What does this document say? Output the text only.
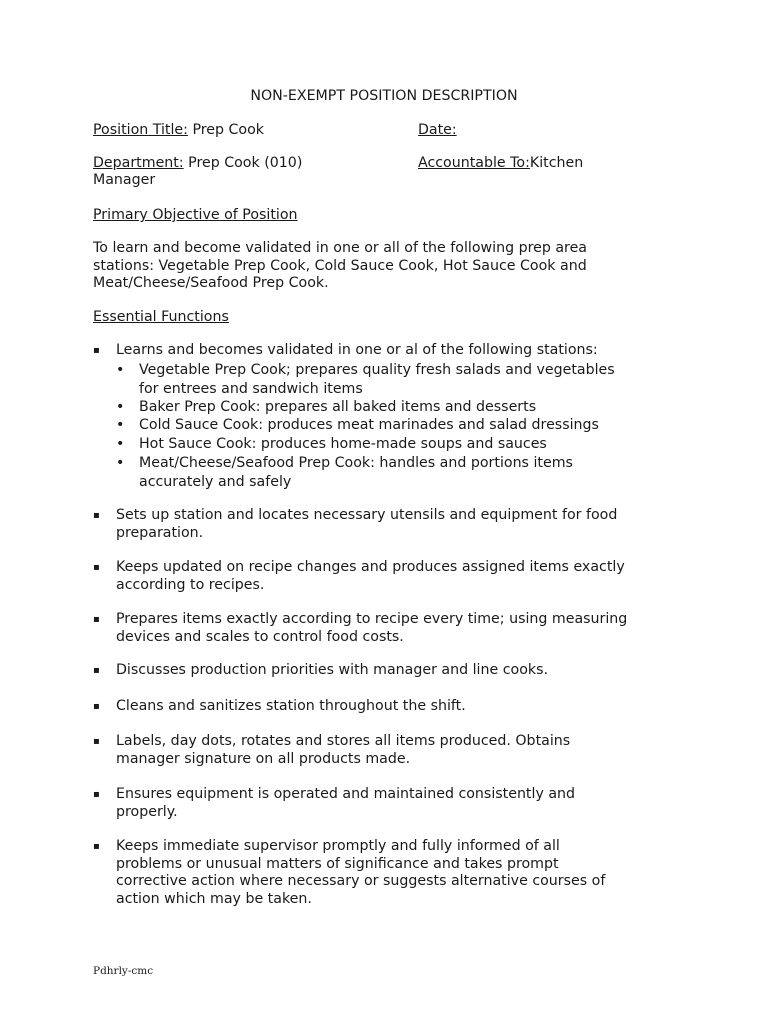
NON-EXEMPT POSITION DESCRIPTION
Position Title: Prep Cook	Date:
Department: Prep Cook (010)	Accountable To:Kitchen
Manager
Primary Objective of Position
To learn and become validated in one or all of the following prep area
stations: Vegetable Prep Cook, Cold Sauce Cook, Hot Sauce Cook and
Meat/Cheese/Seafood Prep Cook.
Essential Functions
▪ Learns and becomes validated in one or al of the following stations:
▪ Sets up station and locates necessary utensils and equipment for food
preparation.
▪ Keeps updated on recipe changes and produces assigned items exactly
according to recipes.
▪ Prepares items exactly according to recipe every time; using measuring
devices and scales to control food costs.
▪ Discusses production priorities with manager and line cooks.
▪ Cleans and sanitizes station throughout the shift.
▪ Labels, day dots, rotates and stores all items produced. Obtains
manager signature on all products made.
▪ Ensures equipment is operated and maintained consistently and
properly.
▪ Keeps immediate supervisor promptly and fully informed of all
problems or unusual matters of significance and takes prompt
corrective action where necessary or suggests alternative courses of
action which may be taken.
• Vegetable Prep Cook; prepares quality fresh salads and vegetables
for entrees and sandwich items
• Baker Prep Cook: prepares all baked items and desserts
• Cold Sauce Cook: produces meat marinades and salad dressings
• Hot Sauce Cook: produces home-made soups and sauces
• Meat/Cheese/Seafood Prep Cook: handles and portions items
accurately and safely
Pdhrly-cmc
